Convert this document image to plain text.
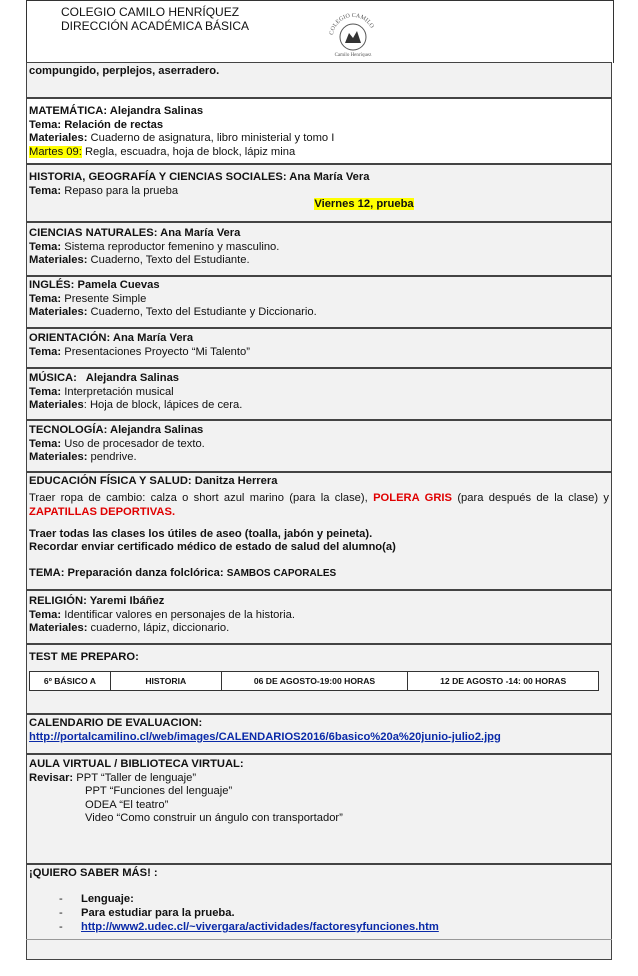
COLEGIO CAMILO HENRÍQUEZ
DIRECCIÓN ACADÉMICA BÁSICA	COLEGIO CAMILO
Camilo Henríquez
compungido, perplejos, aserradero.
MATEMÁTICA: Alejandra Salinas
Tema: Relación de rectas
Materiales: Cuaderno de asignatura, libro ministerial y tomo I
Martes 09: Regla, escuadra, hoja de block, lápiz mina
HISTORIA, GEOGRAFÍA Y CIENCIAS SOCIALES: Ana María Vera
Tema: Repaso para la prueba
Viernes 12, prueba
CIENCIAS NATURALES: Ana María Vera
Tema: Sistema reproductor femenino y masculino.
Materiales: Cuaderno, Texto del Estudiante.
INGLÉS: Pamela Cuevas
Tema: Presente Simple
Materiales: Cuaderno, Texto del Estudiante y Diccionario.
ORIENTACIÓN: Ana María Vera
Tema: Presentaciones Proyecto “Mi Talento”
MÚSICA:   Alejandra Salinas
Tema: Interpretación musical
Materiales: Hoja de block, lápices de cera.
TECNOLOGÍA: Alejandra Salinas
Tema: Uso de procesador de texto.
Materiales: pendrive.
EDUCACIÓN FÍSICA Y SALUD: Danitza Herrera
Traer ropa de cambio: calza o short azul marino (para la clase), POLERA GRIS (para después de la clase) y ZAPATILLAS DEPORTIVAS.
Traer todas las clases los útiles de aseo (toalla, jabón y peineta).
Recordar enviar certificado médico de estado de salud del alumno(a)
TEMA: Preparación danza folclórica: SAMBOS CAPORALES
RELIGIÓN: Yaremi Ibáñez
Tema: Identificar valores en personajes de la historia.
Materiales: cuaderno, lápiz, diccionario.
TEST ME PREPARO:
6º BÁSICO A	HISTORIA	06 DE AGOSTO-19:00 HORAS	12 DE AGOSTO -14: 00 HORAS
CALENDARIO DE EVALUACION:
http://portalcamilino.cl/web/images/CALENDARIOS2016/6basico%20a%20junio-julio2.jpg
AULA VIRTUAL / BIBLIOTECA VIRTUAL:
Revisar: PPT “Taller de lenguaje”
PPT “Funciones del lenguaje”
ODEA “El teatro”
Video “Como construir un ángulo con transportador”
¡QUIERO SABER MÁS! :
- Lenguaje:
- Para estudiar para la prueba.
- http://www2.udec.cl/~vivergara/actividades/factoresyfunciones.htm
